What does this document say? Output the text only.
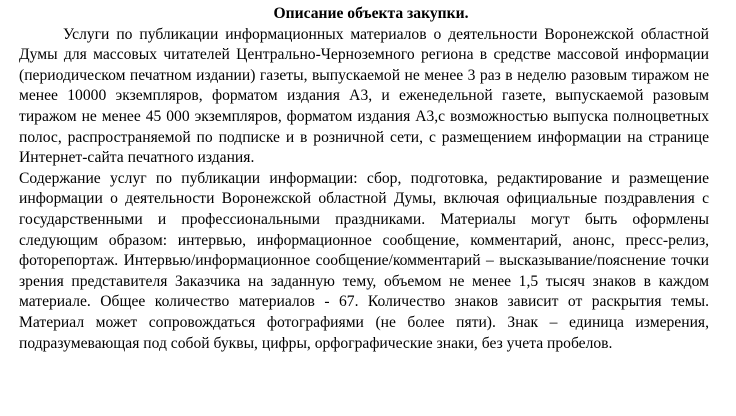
Описание объекта закупки.

Услуги по публикации информационных материалов о деятельности Воронежской областной Думы для массовых читателей Центрально-Черноземного региона в средстве массовой информации (периодическом печатном издании) газеты, выпускаемой не менее 3 раз в неделю разовым тиражом не менее 10000 экземпляров, форматом издания А3, и еженедельной газете, выпускаемой разовым тиражом не менее 45 000 экземпляров, форматом издания А3,с возможностью выпуска полноцветных полос, распространяемой по подписке и в розничной сети, с размещением информации на странице Интернет-сайта печатного издания.

Содержание услуг по публикации информации: сбор, подготовка, редактирование и размещение информации о деятельности Воронежской областной Думы, включая официальные поздравления с государственными и профессиональными праздниками. Материалы могут быть оформлены следующим образом: интервью, информационное сообщение, комментарий, анонс, пресс-релиз, фоторепортаж. Интервью/информационное сообщение/комментарий – высказывание/пояснение точки зрения представителя Заказчика на заданную тему, объемом не менее 1,5 тысяч знаков в каждом материале. Общее количество материалов - 67. Количество знаков зависит от раскрытия темы. Материал может сопровождаться фотографиями (не более пяти). Знак – единица измерения, подразумевающая под собой буквы, цифры, орфографические знаки, без учета пробелов.
